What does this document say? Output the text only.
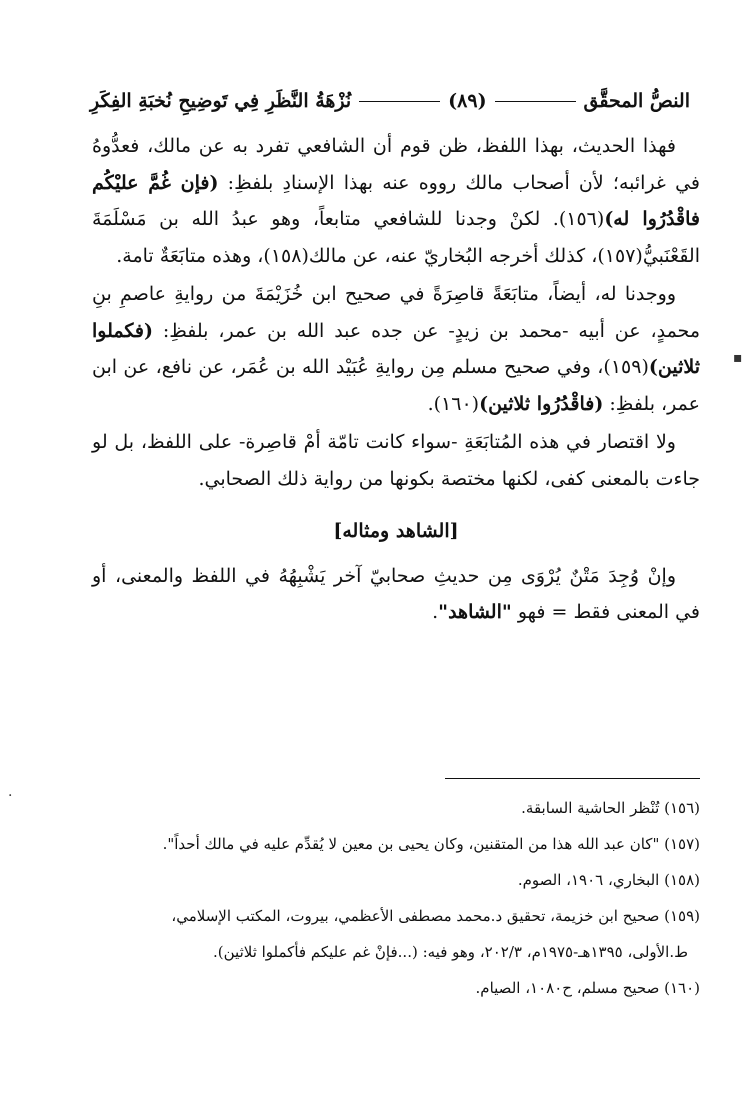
النصُّ المحقَّق
(٨٩)
نُزْهَةُ النَّظَرِ فِي تَوضِيحِ نُخبَةِ الفِكَرِ

فهذا الحديث، بهذا اللفظ، ظن قوم أن الشافعي تفرد به عن مالك، فعدُّوهُ في غرائبه؛ لأن أصحاب مالك رووه عنه بهذا الإسنادِ بلفظِ: (فإن غُمَّ عليْكُم فاقْدُرُوا له)(١٥٦). لكنْ وجدنا للشافعي متابعاً، وهو عبدُ الله بن مَسْلَمَةَ القَعْنَبيُّ(١٥٧)، كذلك أخرجه البُخاريّ عنه، عن مالك(١٥٨)، وهذه متابَعَةٌ تامة.

ووجدنا له، أيضاً، متابَعَةً قاصِرَةً في صحيح ابن خُزَيْمَةَ من روايةِ عاصمِ بنِ محمدٍ، عن أبيه -محمد بن زيدٍ- عن جده عبد الله بن عمر، بلفظِ: (فكملوا ثلاثين)(١٥٩)، وفي صحيح مسلم مِن روايةِ عُبَيْد الله بن عُمَر، عن نافع، عن ابن عمر، بلفظِ: (فاقْدُرُوا ثلاثين)(١٦٠).

ولا اقتصار في هذه المُتابَعَةِ -سواء كانت تامّة أمْ قاصِرة- على اللفظ، بل لو جاءت بالمعنى كفى، لكنها مختصة بكونها من رواية ذلك الصحابي.

[الشاهد ومثاله]

وإنْ وُجِدَ مَتْنٌ يُرْوَى مِن حديثِ صحابيّ آخر يَشْبِهُهُ في اللفظ والمعنى، أو في المعنى فقط = فهو "الشاهد".

(١٥٦) تُنْظر الحاشية السابقة.

(١٥٧) "كان عبد الله هذا من المتقنين، وكان يحيى بن معين لا يُقدِّم عليه في مالك أحداً".

(١٥٨) البخاري، ١٩٠٦، الصوم.

(١٥٩) صحيح ابن خزيمة، تحقيق د.محمد مصطفى الأعظمي، بيروت، المكتب الإسلامي،

ط.الأولى، ١٣٩٥هـ-١٩٧٥م، ٢٠٢/٣، وهو فيه: (...فإنْ غم عليكم فأكملوا ثلاثين).

(١٦٠) صحيح مسلم، ح١٠٨٠، الصيام.

▪
·
